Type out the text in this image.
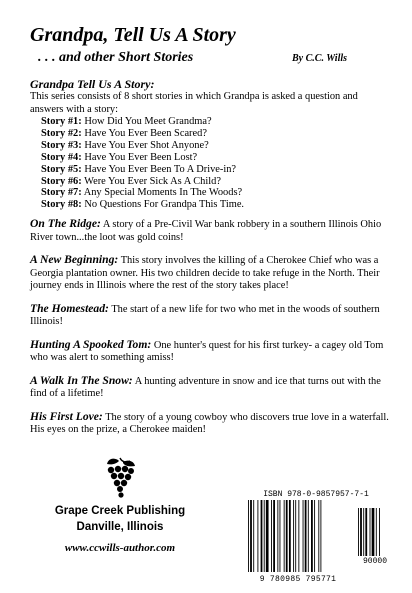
Grandpa, Tell Us A Story
. . . and other Short Stories	By C.C. Wills
Grandpa Tell Us A Story:
This series consists of 8 short stories in which Grandpa is asked a question and answers with a story:
Story #1: How Did You Meet Grandma?
Story #2: Have You Ever Been Scared?
Story #3: Have You Ever Shot Anyone?
Story #4: Have You Ever Been Lost?
Story #5: Have You Ever Been To A Drive-in?
Story #6: Were You Ever Sick As A Child?
Story #7: Any Special Moments In The Woods?
Story #8: No Questions For Grandpa This Time.
On The Ridge: A story of a Pre-Civil War bank robbery in a southern Illinois Ohio River town...the loot was gold coins!
A New Beginning: This story involves the killing of a Cherokee Chief who was a Georgia plantation owner. His two children decide to take refuge in the North. Their journey ends in Illinois where the rest of the story takes place!
The Homestead: The start of a new life for two who met in the woods of southern Illinois!
Hunting A Spooked Tom: One hunter's quest for his first turkey- a cagey old Tom who was alert to something amiss!
A Walk In The Snow: A hunting adventure in snow and ice that turns out with the find of a lifetime!
His First Love: The story of a young cowboy who discovers true love in a waterfall. His eyes on the prize, a Cherokee maiden!
Grape Creek Publishing
Danville, Illinois
www.ccwills-author.com
ISBN 978-0-9857957-7-1
90000
9 780985 795771
